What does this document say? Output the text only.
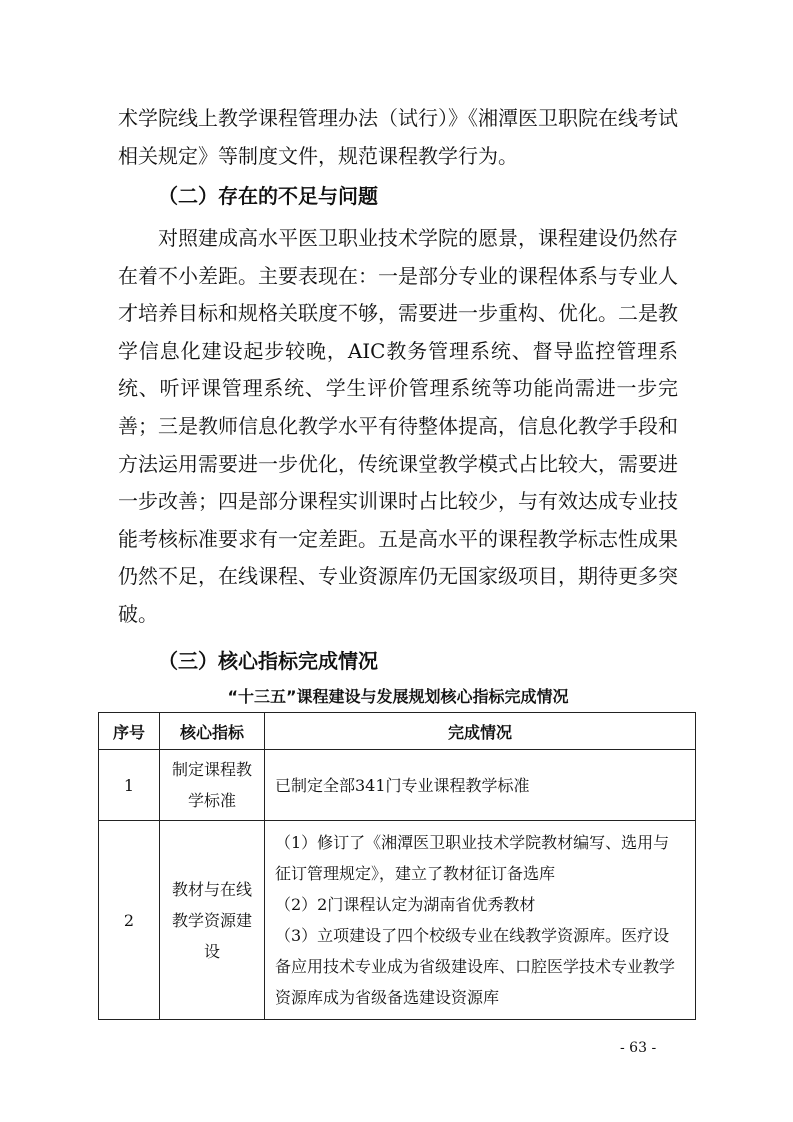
术学院线上教学课程管理办法（试行）》《湘潭医卫职院在线考试相关规定》等制度文件，规范课程教学行为。

（二）存在的不足与问题

对照建成高水平医卫职业技术学院的愿景，课程建设仍然存在着不小差距。主要表现在：一是部分专业的课程体系与专业人才培养目标和规格关联度不够，需要进一步重构、优化。二是教学信息化建设起步较晚，AIC教务管理系统、督导监控管理系统、听评课管理系统、学生评价管理系统等功能尚需进一步完善；三是教师信息化教学水平有待整体提高，信息化教学手段和方法运用需要进一步优化，传统课堂教学模式占比较大，需要进一步改善；四是部分课程实训课时占比较少，与有效达成专业技能考核标准要求有一定差距。五是高水平的课程教学标志性成果仍然不足，在线课程、专业资源库仍无国家级项目，期待更多突破。

（三）核心指标完成情况
“十三五”课程建设与发展规划核心指标完成情况
序号	核心指标	完成情况
1	制定课程教学标准	已制定全部341门专业课程教学标准

2	教材与在线教学资源建设	（1）修订了《湘潭医卫职业技术学院教材编写、选用与征订管理规定》，建立了教材征订备选库
（2）2门课程认定为湖南省优秀教材
（3）立项建设了四个校级专业在线教学资源库。医疗设备应用技术专业成为省级建设库、口腔医学技术专业教学资源库成为省级备选建设资源库
- 63 -
